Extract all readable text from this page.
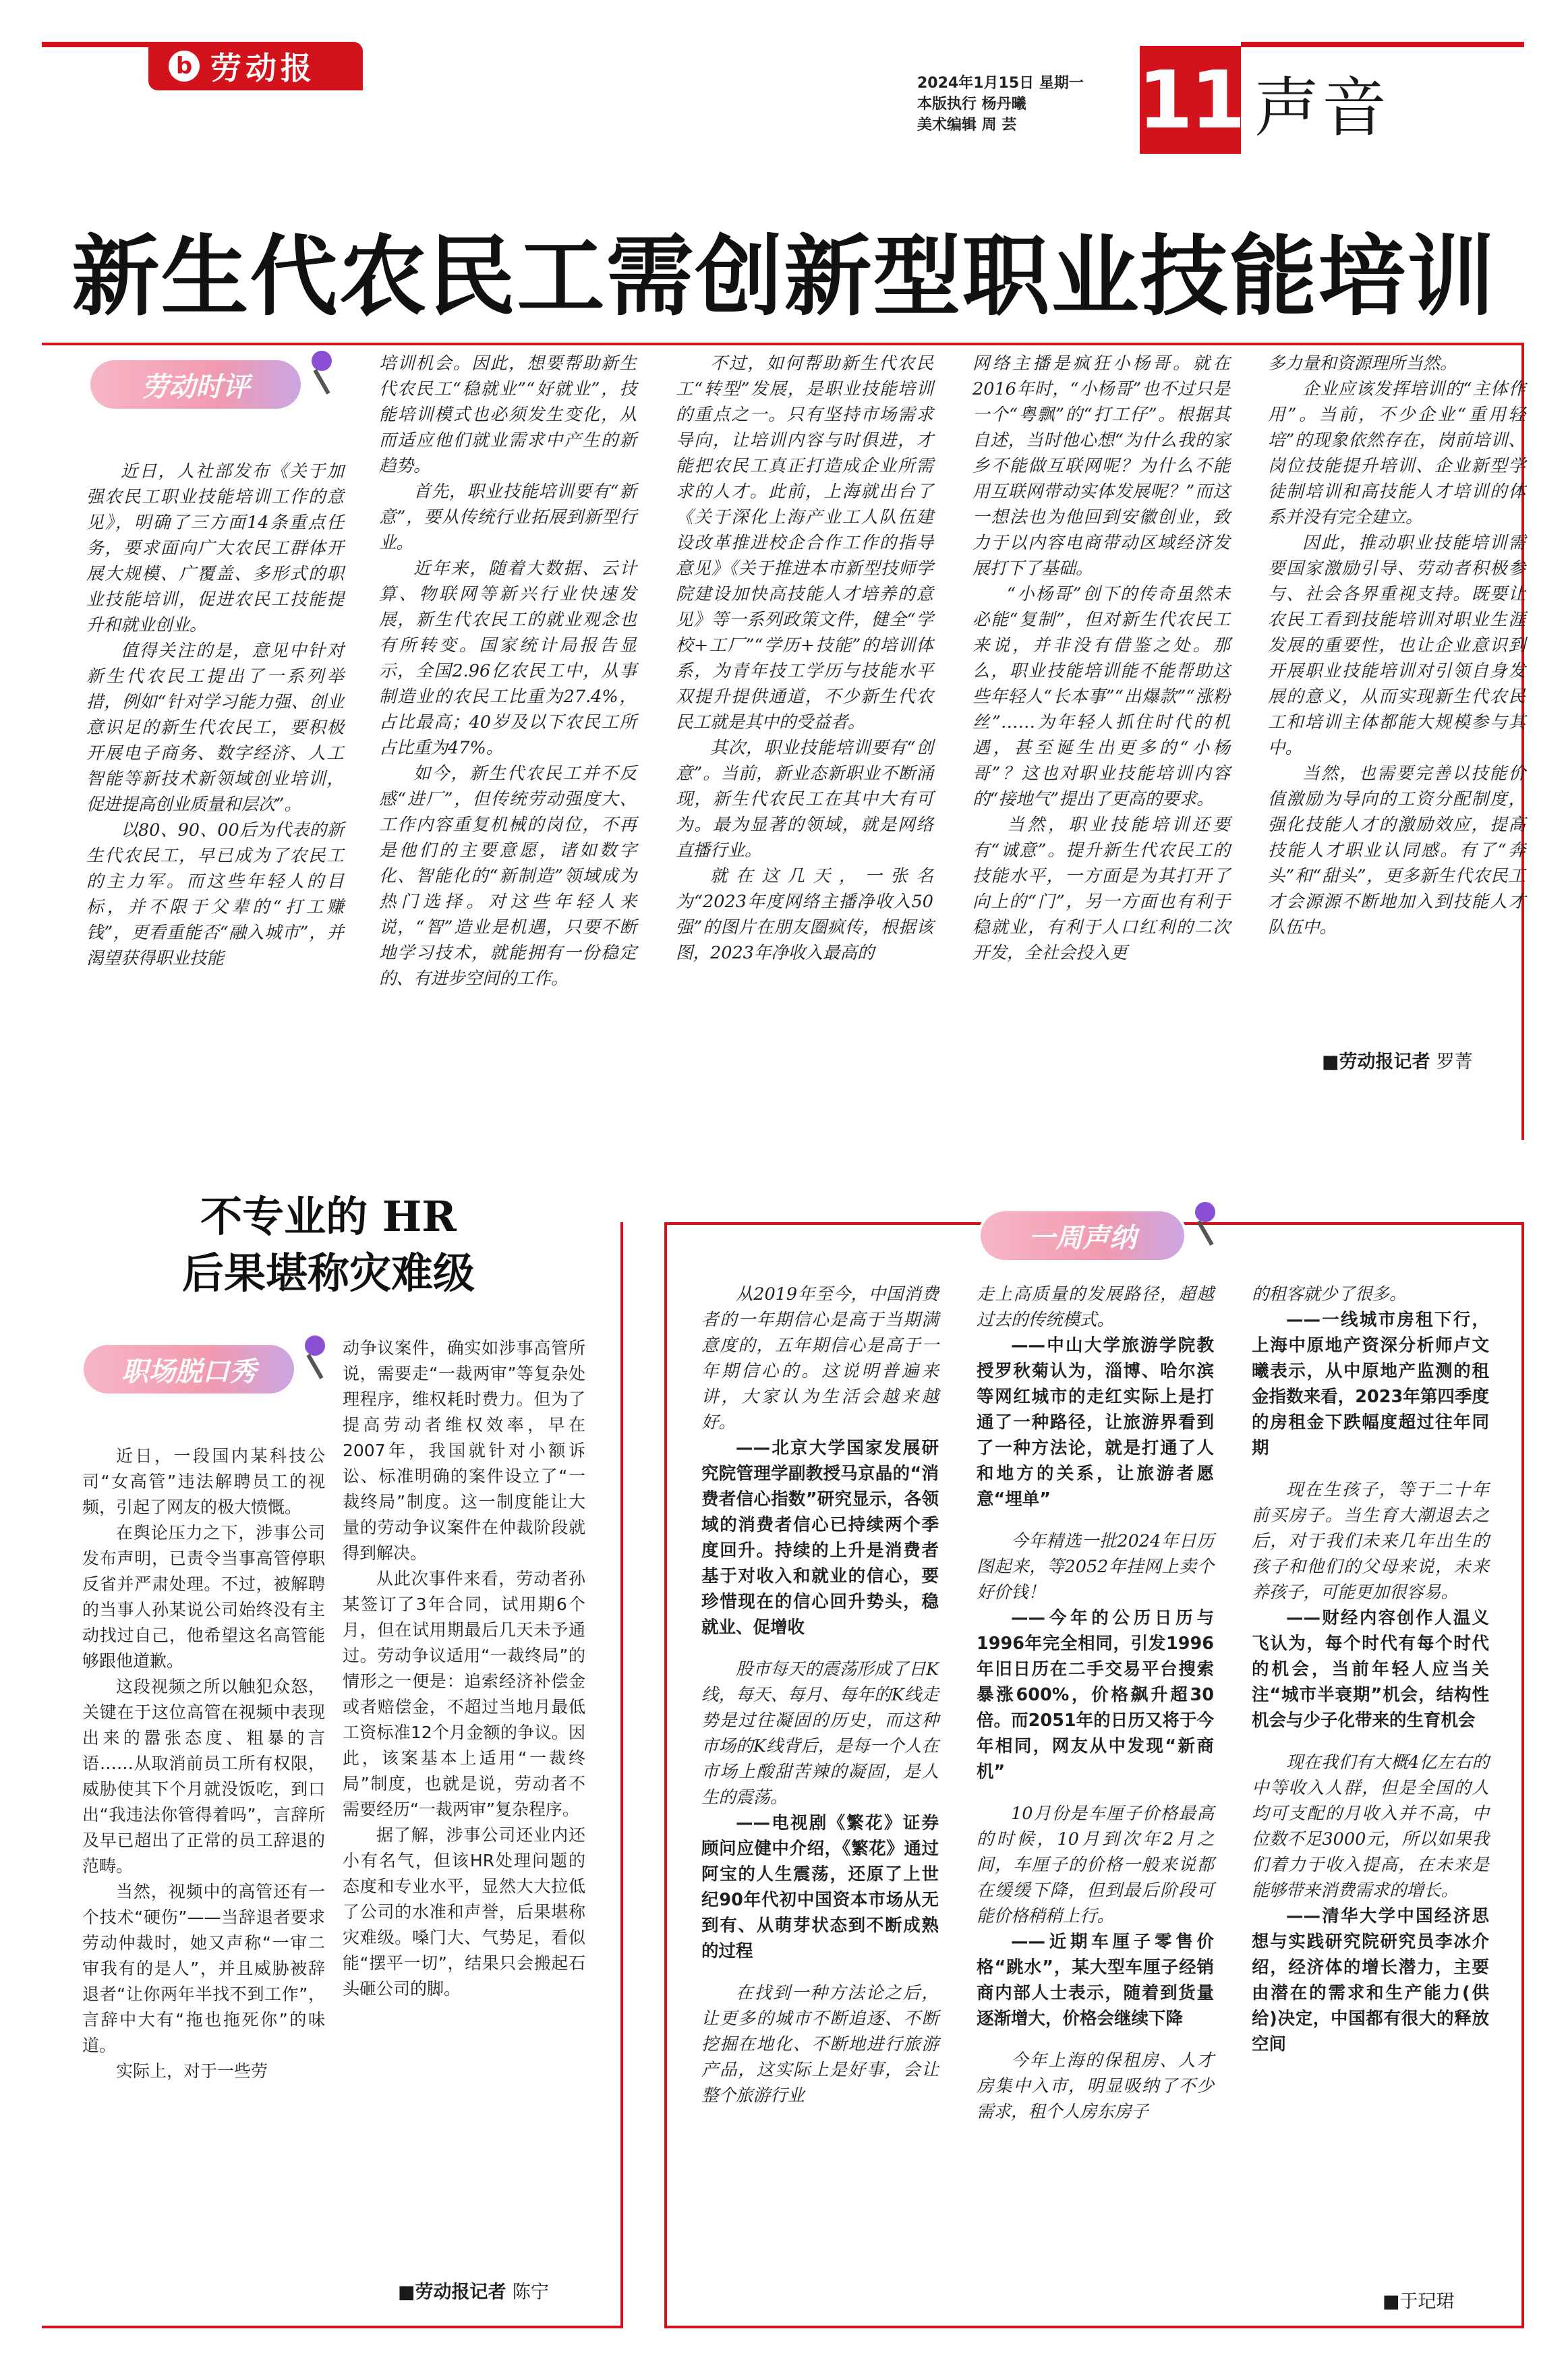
b 劳动报	2024年1月15日 星期一
本版执行 杨丹曦
美术编辑 周 芸	11 声音
新生代农民工需创新型职业技能培训
劳动时评

近日，人社部发布《关于加强农民工职业技能培训工作的意见》，明确了三方面14条重点任务，要求面向广大农民工群体开展大规模、广覆盖、多形式的职业技能培训，促进农民工技能提升和就业创业。

值得关注的是，意见中针对新生代农民工提出了一系列举措，例如“针对学习能力强、创业意识足的新生代农民工，要积极开展电子商务、数字经济、人工智能等新技术新领域创业培训，促进提高创业质量和层次”。

以80、90、00后为代表的新生代农民工，早已成为了农民工的主力军。而这些年轻人的目标，并不限于父辈的“打工赚钱”，更看重能否“融入城市”，并渴望获得职业技能

培训机会。因此，想要帮助新生代农民工“稳就业”“好就业”，技能培训模式也必须发生变化，从而适应他们就业需求中产生的新趋势。

首先，职业技能培训要有“新意”，要从传统行业拓展到新型行业。

近年来，随着大数据、云计算、物联网等新兴行业快速发展，新生代农民工的就业观念也有所转变。国家统计局报告显示，全国2.96亿农民工中，从事制造业的农民工比重为27.4%，占比最高；40岁及以下农民工所占比重为47%。

如今，新生代农民工并不反感“进厂”，但传统劳动强度大、工作内容重复机械的岗位，不再是他们的主要意愿，诸如数字化、智能化的“新制造”领域成为热门选择。对这些年轻人来说，“智”造业是机遇，只要不断地学习技术，就能拥有一份稳定的、有进步空间的工作。

不过，如何帮助新生代农民工“转型”发展，是职业技能培训的重点之一。只有坚持市场需求导向，让培训内容与时俱进，才能把农民工真正打造成企业所需求的人才。此前，上海就出台了《关于深化上海产业工人队伍建设改革推进校企合作工作的指导意见》《关于推进本市新型技师学院建设加快高技能人才培养的意见》等一系列政策文件，健全“学校+工厂”“学历+技能”的培训体系，为青年技工学历与技能水平双提升提供通道，不少新生代农民工就是其中的受益者。

其次，职业技能培训要有“创意”。当前，新业态新职业不断涌现，新生代农民工在其中大有可为。最为显著的领域，就是网络直播行业。

就在这几天，一张名为“2023年度网络主播净收入50强”的图片在朋友圈疯传，根据该图，2023年净收入最高的

网络主播是疯狂小杨哥。就在2016年时，“小杨哥”也不过只是一个“粤飘”的“打工仔”。根据其自述，当时他心想“为什么我的家乡不能做互联网呢？为什么不能用互联网带动实体发展呢？”而这一想法也为他回到安徽创业，致力于以内容电商带动区域经济发展打下了基础。

“小杨哥”创下的传奇虽然未必能“复制”，但对新生代农民工来说，并非没有借鉴之处。那么，职业技能培训能不能帮助这些年轻人“长本事”“出爆款”“涨粉丝”……为年轻人抓住时代的机遇，甚至诞生出更多的“小杨哥”？这也对职业技能培训内容的“接地气”提出了更高的要求。

当然，职业技能培训还要有“诚意”。提升新生代农民工的技能水平，一方面是为其打开了向上的“门”，另一方面也有利于稳就业，有利于人口红利的二次开发，全社会投入更

多力量和资源理所当然。

企业应该发挥培训的“主体作用”。当前，不少企业“重用轻培”的现象依然存在，岗前培训、岗位技能提升培训、企业新型学徒制培训和高技能人才培训的体系并没有完全建立。

因此，推动职业技能培训需要国家激励引导、劳动者积极参与、社会各界重视支持。既要让农民工看到技能培训对职业生涯发展的重要性，也让企业意识到开展职业技能培训对引领自身发展的意义，从而实现新生代农民工和培训主体都能大规模参与其中。

当然，也需要完善以技能价值激励为导向的工资分配制度，强化技能人才的激励效应，提高技能人才职业认同感。有了“奔头”和“甜头”，更多新生代农民工才会源源不断地加入到技能人才队伍中。

■劳动报记者 罗菁
不专业的 HR
后果堪称灾难级
职场脱口秀

近日，一段国内某科技公司“女高管”违法解聘员工的视频，引起了网友的极大愤慨。

在舆论压力之下，涉事公司发布声明，已责令当事高管停职反省并严肃处理。不过，被解聘的当事人孙某说公司始终没有主动找过自己，他希望这名高管能够跟他道歉。

这段视频之所以触犯众怒，关键在于这位高管在视频中表现出来的嚣张态度、粗暴的言语……从取消前员工所有权限，威胁使其下个月就没饭吃，到口出“我违法你管得着吗”，言辞所及早已超出了正常的员工辞退的范畴。

当然，视频中的高管还有一个技术“硬伤”——当辞退者要求劳动仲裁时，她又声称“一审二审我有的是人”，并且威胁被辞退者“让你两年半找不到工作”，言辞中大有“拖也拖死你”的味道。

实际上，对于一些劳

动争议案件，确实如涉事高管所说，需要走“一裁两审”等复杂处理程序，维权耗时费力。但为了提高劳动者维权效率，早在2007年，我国就针对小额诉讼、标准明确的案件设立了“一裁终局”制度。这一制度能让大量的劳动争议案件在仲裁阶段就得到解决。

从此次事件来看，劳动者孙某签订了3年合同，试用期6个月，但在试用期最后几天未予通过。劳动争议适用“一裁终局”的情形之一便是：追索经济补偿金或者赔偿金，不超过当地月最低工资标准12个月金额的争议。因此，该案基本上适用“一裁终局”制度，也就是说，劳动者不需要经历“一裁两审”复杂程序。

据了解，涉事公司还业内还小有名气，但该HR处理问题的态度和专业水平，显然大大拉低了公司的水准和声誉，后果堪称灾难级。嗓门大、气势足，看似能“摆平一切”，结果只会搬起石头砸公司的脚。

■劳动报记者 陈宁
一周声纳

从2019年至今，中国消费者的一年期信心是高于当期满意度的，五年期信心是高于一年期信心的。这说明普遍来讲，大家认为生活会越来越好。

——北京大学国家发展研究院管理学副教授马京晶的“消费者信心指数”研究显示，各领域的消费者信心已持续两个季度回升。持续的上升是消费者基于对收入和就业的信心，要珍惜现在的信心回升势头，稳就业、促增收

股市每天的震荡形成了日K线，每天、每月、每年的K线走势是过往凝固的历史，而这种市场的K线背后，是每一个人在市场上酸甜苦辣的凝固，是人生的震荡。

——电视剧《繁花》证券顾问应健中介绍，《繁花》通过阿宝的人生震荡，还原了上世纪90年代初中国资本市场从无到有、从萌芽状态到不断成熟的过程

在找到一种方法论之后，让更多的城市不断追逐、不断挖掘在地化、不断地进行旅游产品，这实际上是好事，会让整个旅游行业

走上高质量的发展路径，超越过去的传统模式。

——中山大学旅游学院教授罗秋菊认为，淄博、哈尔滨等网红城市的走红实际上是打通了一种路径，让旅游界看到了一种方法论，就是打通了人和地方的关系，让旅游者愿意“埋单”

今年精选一批2024年日历图起来，等2052年挂网上卖个好价钱！

——今年的公历日历与1996年完全相同，引发1996年旧日历在二手交易平台搜索暴涨600%，价格飙升超30倍。而2051年的日历又将于今年相同，网友从中发现“新商机”

10月份是车厘子价格最高的时候，10月到次年2月之间，车厘子的价格一般来说都在缓缓下降，但到最后阶段可能价格稍稍上行。

——近期车厘子零售价格“跳水”，某大型车厘子经销商内部人士表示，随着到货量逐渐增大，价格会继续下降

今年上海的保租房、人才房集中入市，明显吸纳了不少需求，租个人房东房子

的租客就少了很多。

——一线城市房租下行，上海中原地产资深分析师卢文曦表示，从中原地产监测的租金指数来看，2023年第四季度的房租金下跌幅度超过往年同期

现在生孩子，等于二十年前买房子。当生育大潮退去之后，对于我们未来几年出生的孩子和他们的父母来说，未来养孩子，可能更加很容易。

——财经内容创作人温义飞认为，每个时代有每个时代的机会，当前年轻人应当关注“城市半衰期”机会，结构性机会与少子化带来的生育机会

现在我们有大概4亿左右的中等收入人群，但是全国的人均可支配的月收入并不高，中位数不足3000元，所以如果我们着力于收入提高，在未来是能够带来消费需求的增长。

——清华大学中国经济思想与实践研究院研究员李冰介绍，经济体的增长潜力，主要由潜在的需求和生产能力(供给)决定，中国都有很大的释放空间

■于玘珺
